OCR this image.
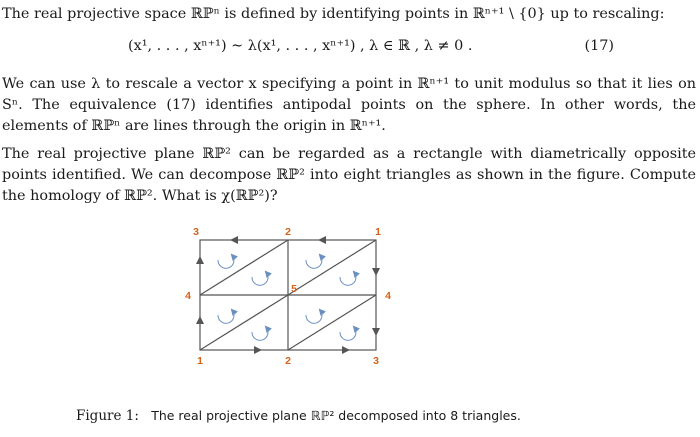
The real projective space ℝℙⁿ is defined by identifying points in ℝⁿ⁺¹ \ {0} up to rescaling:

(x¹, . . . , xⁿ⁺¹) ∼ λ(x¹, . . . , xⁿ⁺¹) , λ ∈ ℝ , λ ≠ 0 .	(17)

We can use λ to rescale a vector x specifying a point in ℝⁿ⁺¹ to unit modulus so that it lies on Sⁿ. The equivalence (17) identifies antipodal points on the sphere. In other words, the elements of ℝℙⁿ are lines through the origin in ℝⁿ⁺¹.

The real projective plane ℝℙ² can be regarded as a rectangle with diametrically opposite points identified. We can decompose ℝℙ² into eight triangles as shown in the figure. Compute the homology of ℝℙ². What is χ(ℝℙ²)?

3	2	1
4
5
4
1	2	3
Figure 1: The real projective plane ℝℙ² decomposed into 8 triangles.
